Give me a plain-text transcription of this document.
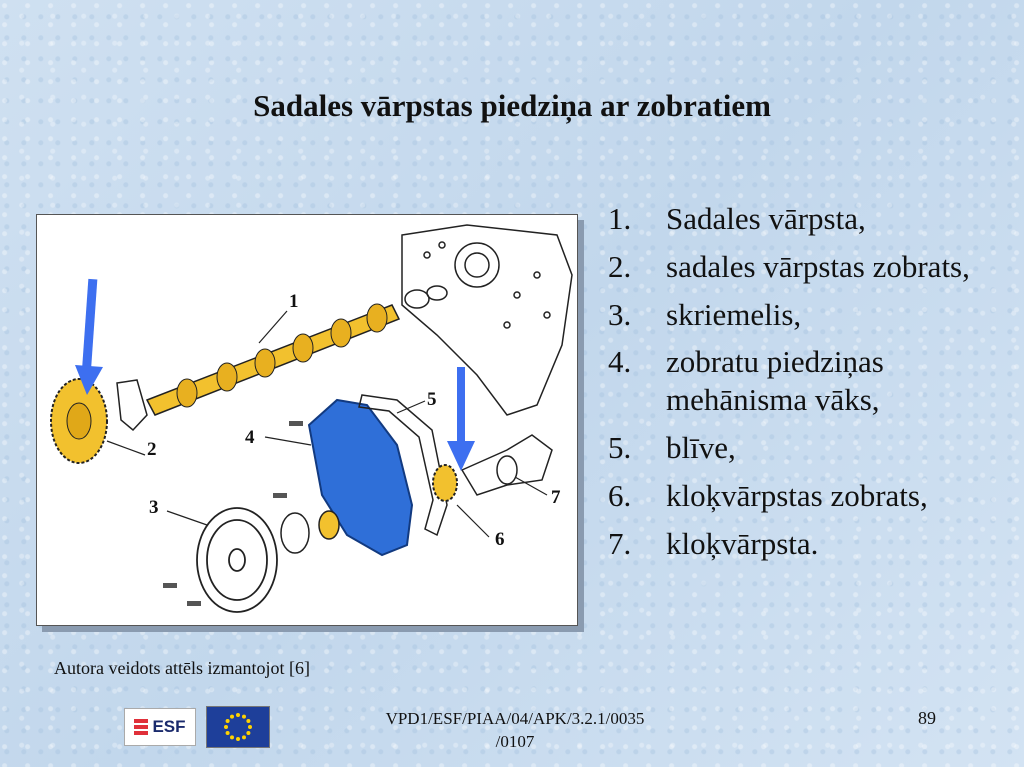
Sadales vārpstas piedziņa ar zobratiem
1
2
3
4
5
6
7
Autora veidots attēls izmantojot [6]
1.	Sadales vārpsta,
2.	sadales vārpstas zobrats,
3.	skriemelis,
4.	zobratu piedziņas mehānisma vāks,
5.	blīve,
6.	kloķvārpstas zobrats,
7.	kloķvārpsta.
ESF	VPD1/ESF/PIAA/04/APK/3.2.1/0035
/0107
89
